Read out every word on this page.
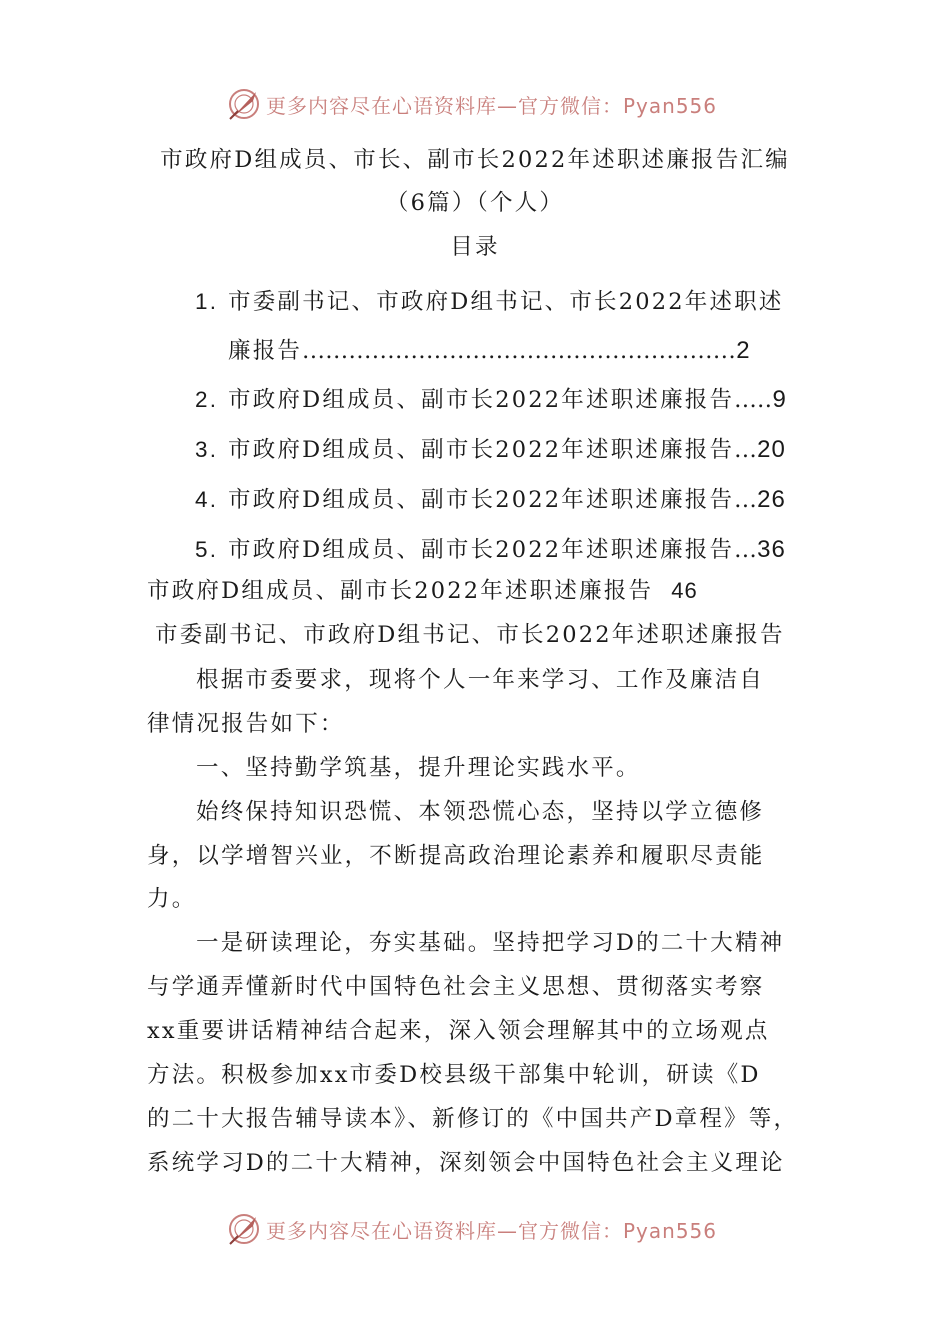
更多内容尽在心语资料库—官方微信：Pyan556
市政府D组成员、市长、副市长2022年述职述廉报告汇编
（6篇）（个人）
目录
1. 市委副书记、市政府D组书记、市长2022年述职述
廉报告 ........................................................ 2
2. 市政府D组成员、副市长2022年述职述廉报告 ..... 9
3. 市政府D组成员、副市长2022年述职述廉报告 ... 20
4. 市政府D组成员、副市长2022年述职述廉报告 ... 26
5. 市政府D组成员、副市长2022年述职述廉报告 ... 36
市政府D组成员、副市长2022年述职述廉报告 46
市委副书记、市政府D组书记、市长2022年述职述廉报告
根据市委要求，现将个人一年来学习、工作及廉洁自
律情况报告如下：
一、坚持勤学筑基，提升理论实践水平。
始终保持知识恐慌、本领恐慌心态，坚持以学立德修
身，以学增智兴业，不断提高政治理论素养和履职尽责能
力。
一是研读理论，夯实基础。坚持把学习D的二十大精神
与学通弄懂新时代中国特色社会主义思想、贯彻落实考察
xx重要讲话精神结合起来，深入领会理解其中的立场观点
方法。积极参加xx市委D校县级干部集中轮训，研读《D
的二十大报告辅导读本》、新修订的《中国共产D章程》等，
系统学习D的二十大精神，深刻领会中国特色社会主义理论
更多内容尽在心语资料库—官方微信：Pyan556
